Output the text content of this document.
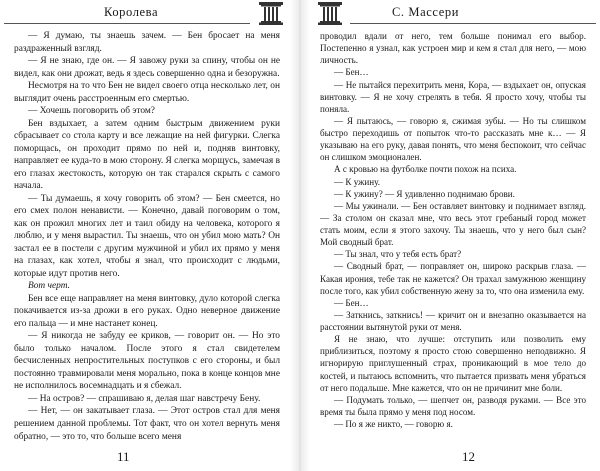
Королева

— Я думаю, ты знаешь зачем. — Бен бросает на меня раздраженный взгляд.

— Я не знаю, где он. — Я завожу руки за спину, чтобы он не видел, как они дрожат, ведь я здесь совершенно одна и безоружна.

Несмотря на то что Бен не видел своего отца несколько лет, он выглядит очень расстроенным его смертью.

— Хочешь поговорить об этом?

Бен вздыхает, а затем одним быстрым движением руки сбрасывает со стола карту и все лежащие на ней фигурки. Слегка поморщась, он проходит прямо по ней и, подняв винтовку, направляет ее куда-то в мою сторону. Я слегка морщусь, замечая в его глазах жестокость, которую он так старался скрыть с самого начала.

— Ты думаешь, я хочу говорить об этом? — Бен смеется, но его смех полон ненависти. — Конечно, давай поговорим о том, как он прожил многих лет и таил обиду на человека, которого я люблю, и у меня вырастил. Ты знаешь, что он убил мою мать? Он застал ее в постели с другим мужчиной и убил их прямо у меня на глазах, как хотел, чтобы я знал, что происходит с людьми, которые идут против него.

Вот черт.

Бен все еще направляет на меня винтовку, дуло которой слегка покачивается из-за дрожи в его руках. Одно неверное движение его пальца — и мне настанет конец.

— Я никогда не забуду ее криков, — говорит он. — Но это было только началом. После этого я стал свидетелем бесчисленных непростительных поступков с его стороны, и был постоянно травмировали меня морально, пока в конце концов мне не исполнилось восемнадцать и я сбежал.

— На остров? — спрашиваю я, делая шаг навстречу Бену.

— Нет, — он закатывает глаза. — Этот остров стал для меня решением данной проблемы. Тот факт, что он хотел вернуть меня обратно, — это то, что больше всего меня

11
С. Массери

проводил вдали от него, тем больше понимал его выбор. Постепенно я узнал, как устроен мир и кем я стал для него, — мою личность.

— Бен…

— Не пытайся перехитрить меня, Кора, — вздыхает он, опуская винтовку. — Я не хочу стрелять в тебя. Я просто хочу, чтобы ты поняла.

— Я пытаюсь, — говорю я, сжимая зубы. — Но ты слишком быстро переходишь от попыток что-то рассказать мне к… — Я указываю на его руку, давая понять, что меня беспокоит, что сейчас он слишком эмоционален.

А с кровью на футболке почти похож на психа.

— К ужину.

— К ужину? — Я удивленно поднимаю брови.

— Мы ужинали. — Бен оставляет винтовку и поднимает взгляд. — За столом он сказал мне, что весь этот гребаный город может стать моим, если я этого захочу. Ты знаешь, что у него был сын? Мой сводный брат.

— Ты знал, что у тебя есть брат?

— Сводный брат, — поправляет он, широко раскрыв глаза. — Какая ирония, тебе так не кажется? Он трахал замужнюю женщину после того, как убил собственную жену за то, что она изменила ему.

— Бен…

— Заткнись, заткнись! — кричит он и внезапно оказывается на расстоянии вытянутой руки от меня.

Я не знаю, что лучше: отступить или позволить ему приблизиться, поэтому я просто стою совершенно неподвижно. Я игнорирую приглушенный страх, проникающий в мое тело до костей, и пытаюсь вспомнить, что пытается призвать меня убраться от него подальше. Мне кажется, что он не причинит мне боли.

— Подумать только, — шепчет он, разводя руками. — Все это время ты была прямо у меня под носом.

— По я же никто, — говорю я.

12
